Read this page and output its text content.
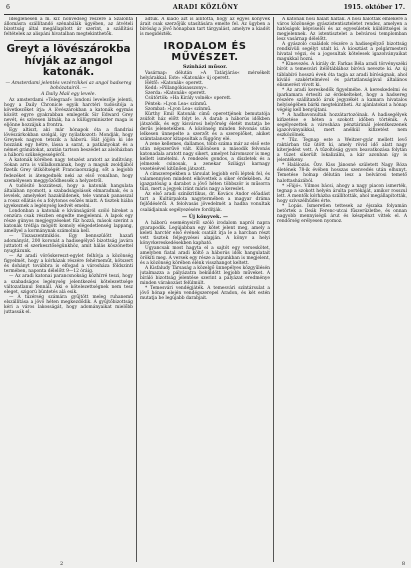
6	ARADI KÖZLÖNY	1915. október 17.

Ideiglenesen a m. kir. honvédség részére a Szalonta állomásra szállítandó szénabálák ügyében, az átvételi bizottság által megállapított ár szerint, a szállítási feltételek az alispáni hivatalban megtekinthetők.

Greyt a lövészárokba hívják az angol katonák.
— Amsterdami jelentés vezércikkei az angol hadsereg bohózatairól. —
A Daily Mail egy levele.

Az amsterdami »Telegraaf« londoni levelezője jelenti, hogy a Daily Chronicle egyik harctéri tudósítója a következőket írja: A lövészárokban a katonák egymás között egyre gyakrabban emlegetik Sir Edward Grey nevét, és szívesen látnák, ha a külügyminiszter maga is eljönne hozzájuk a frontra.

Egy altiszt, aki már hónapok óta a flandriai lövészárkokban szolgál, így nyilatkozott: Mondják, hogy Greynek nagyon tetszik a háború. Hát jöjjön ki ide hozzánk egy hétre, lássa a sarat, a patkányokat és a német gránátokat, azután tartson beszédet az alsóházban a háború szükségességéről.

A katonák körében nagy tetszést aratott az indítvány. Sokan arra is vállalkoznának, hogy a maguk zsoldjából fizetik Grey útiköltségét Franciaországig, sőt a legjobb fedezéket is átengednék neki az első vonalban, hogy személyesen meggyőződhessék a helyzetről.

A tudósító hozzáteszi, hogy a katonák hangulata általában nyomott, a szabadságolások elmaradnak, és a levelek, amelyeket hazaküldenek, tele vannak panasszal a rossz ellátás és a folytonos esőzés miatt. A tisztek hiába igyekeznek a legénység kedvét emelni.

Londonban a katonák e kívánságáról szóló híreket a cenzúra csak részben engedte megjelenni. A lapok egy része gúnyos megjegyzéseket fűz hozzá, mások szerint a katonák tréfája mögött komoly elégedetlenség lappang, amellyel a kormánynak számolnia kell.

— Tiszaszentmiklós. Egy bennszülött hazafi adományát, 200 koronát a hadisegélyző bizottság javára juttatott el szerkesztőségünkhöz, amit hálás köszönettel nyugtázunk.

— Az aradi vöröskereszt-egylet felhívja a közönség figyelmét, hogy a kórházak részére fehérneműt, kötszert és dohányt továbbra is elfogad a városháza földszinti termében, naponta délelőtt 9—12 óráig.

— Az aradi katonai parancsnokság közhírré teszi, hogy a szabadságos legénység jelentkezési kötelezettsége változatlanul fennáll. Aki e kötelezettségnek nem tesz eleget, szigorú büntetés alá esik.

— A tüzérség számára gyűjtött meleg ruhanemű elszállítása a jövő héten megkezdődik. A gyűjtőbizottság kéri a város lakosságát, hogy adományaikat mielőbb juttassák el.

adtuk. A kiadó azt is állította, hogy az egyes könyvek árait csak szerzőjük utasítására emelte fel. Az ügyben a bíróság a jövő hónapban tart tárgyalást, amelyre a kiadót is megidézték.

IRODALOM ÉS MŰVÉSZET.
Színházi műsor.

Vasárnap: délután »A Tatárjárás« mérsékelt helyárakkal. Este: »Katonák« új operett.

Hétfő: »Katonák« operett.

Kedd: »Pillangókisasszony«.

Szerda: »Katonák« operett.

Csütörtök: »Ha Király volnék« operett.

Péntek: »Lyon Lea« színmű.

Szombat: »Lyon Lea« színmű.

Kürthy Emil Katonák című operettjének bemutatója zsúfolt ház előtt folyt le. A darab a háborús időkben játszódik, és egy kisvárosi helyőrség életét mutatja be derűs jelenetekben. A közönség minden felvonás után lelkesen ünnepelte a szerzőt és a szereplőket, akiket számtalanszor kitapsoltak a függöny elé.

A zene kellemes, dallamos, több száma már az első este után népszerűvé vált. Különösen a második felvonás katonadala aratott nagy sikert, amelyet háromszor is meg kellett ismételni. A rendezés gondos, a díszletek és a jelmezek csinosak, a zenekar Szilágyi karnagy vezetésével kitűnően játszott.

A címszerepekben a társulat legjobb erői léptek fel, és valamennyien mindent elkövettek a siker érdekében. Az igazgatóság a darabot a jövő héten többször is műsorra tűzi, mert a jegyek iránt máris nagy a kereslet.

Az első aradi színikritikus, dr. Kovács Andor előadást tart a Kultúrpalota nagytermében a magyar dráma fejlődéséről. A felolvasás jövedelmét a hadba vonultak családjainak segélyezésére fordítják.

— Új könyvek. —

A háború eseményeiről szóló irodalom napról napra gyarapodik. Legújabban egy kötet jelent meg, amely a keleti harctér első évének csatáit írja le a harcban részt vett tisztek feljegyzései alapján. A könyv a helyi könyvkereskedésekben kapható.

Ugyancsak most hagyta el a sajtót egy verseskötet, amelyben fiatal aradi költő a háborús idők hangulatait örökíti meg. A versek egy része a lapunkban is megjelent, és a közönség körében élénk visszhangot keltett.

A Kisfaludy Társaság a közelgő ünnepélyes közgyűlésén jutalmazza a pályázatra beküldött legjobb műveket. A bíráló bizottság jelentése szerint a pályázat eredménye minden várakozást felülmúlt.

* Temesvári vendégjáték. A temesvári színtársulat a jövő hónap elején vendégszerepel Aradon, és két estén mutatja be legújabb darabjait.

A katonák hősi halált haltak. A hősi halottak emlékére a város közönsége gyászistentiszteletet rendez, amelyen a hatóságok képviselői és az egyesületek küldöttségei is megjelennek. Az istentisztelet a belvárosi templomban lesz vasárnap délelőtt.

A gyászoló családok részére a hadisegélyző bizottság rendkívüli segélyt utalt ki. A kiosztást a polgármesteri hivatal végzi, és a jogosultak kötelesek igazolványaikat magukkal hozni.

* Kinevezés. A király dr. Farkas Béla aradi törvényszéki bírót a temesvári ítélőtáblához bíróvá nevezte ki. Az új táblabíró hosszú évek óta tagja az aradi bíróságnak, ahol kiváló szakértelmével és pártatlanságával általános elismerést vívott ki.

* Az aradi kereskedők figyelmébe. A kereskedelmi és iparkamara értesíti az érdekelteket, hogy a hadsereg részére szállítandó áruk jegyzékét a kamara hivatalos helyiségében bárki megtekintheti. Az ajánlatokat a hónap végéig kell benyújtani.

* A hadbavonultak hozzátartozóinak. A hadisegélyek kifizetése e héten a szokott időben történik. A segélyezettek a városháza pénztáránál jelentkezzenek igazolványaikkal, mert anélkül kifizetést nem eszközölnek.

* Tűz. Tegnap este a Weitzer-gyár mellett levő raktárban tűz ütött ki, amely rövid idő alatt nagy kiterjedést vett. A tűzoltóság gyors beavatkozása folytán a tüzet sikerült lokalizálni, a kár azonban így is jelentékeny.

* Halálozás. Özv. Kiss Jánosné született Nagy Róza életének 78-ik évében hosszas szenvedés után elhunyt. Temetése holnap délután lesz a belvárosi temető halottasházából.

* »Fájó«. Vilmos bácsi, ahogy a nagy piacon ismerték, tegnap a szokott helyén árulta portékáját, amikor rosszul lett. A mentők kórházba szállították, ahol megállapították, hogy szívszélhűdés érte.

* Lopás. Ismeretlen tettesek az éjszaka folyamán betörtek a Deák Ferenc-utcai fűszerüzletbe, és onnan nagyobb mennyiségű árut és készpénzt vittek el. A rendőrség erélyesen nyomoz.

2	8
